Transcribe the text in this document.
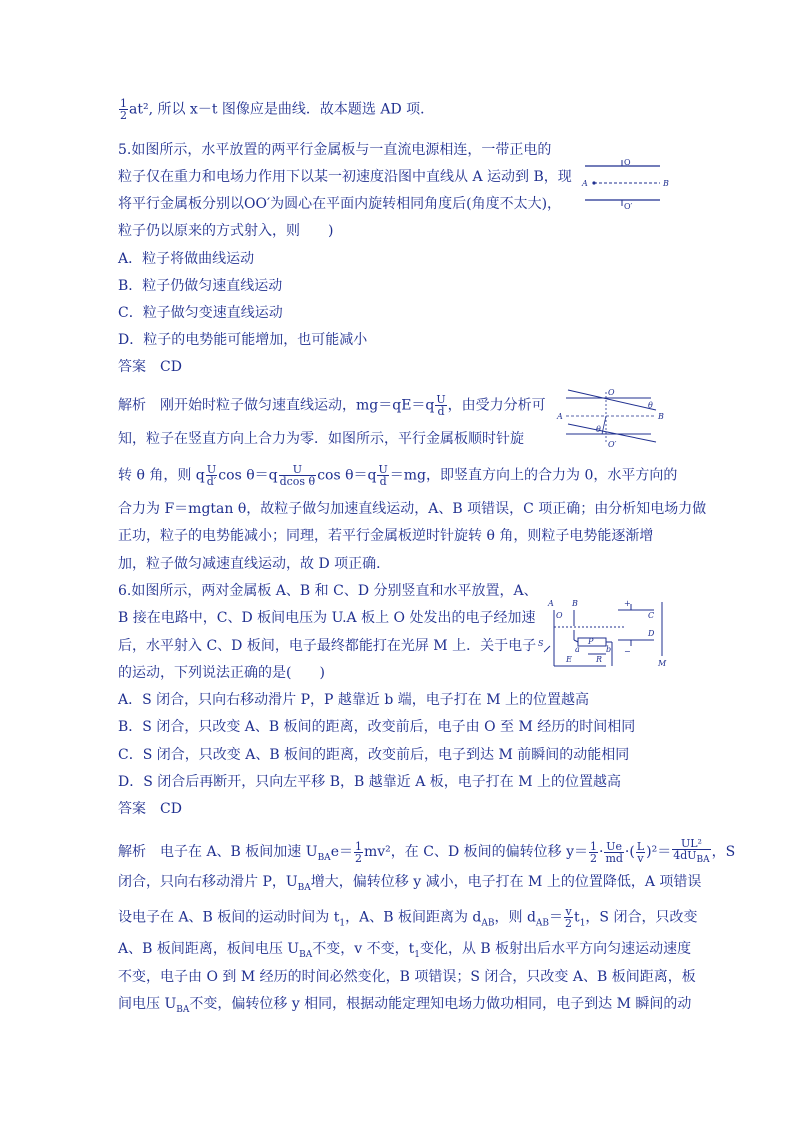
$\frac{1}{2} at^2$, 所以 x－t 图像应是曲线．故本题选 AD 项．
5.如图所示，水平放置的两平行金属板与一直流电源相连，一带正电的
粒子仅在重力和电场力作用下以某一初速度沿图中直线从 A 运动到 B，现
将平行金属板分别以OO′为圆心在平面内旋转相同角度后(角度不太大)，
粒子仍以原来的方式射入，则　　)
A．粒子将做曲线运动
B．粒子仍做匀速直线运动
C．粒子做匀变速直线运动
D．粒子的电势能可能增加，也可能减小
答案　CD
O
O′
A	B
解析　刚开始时粒子做匀速直线运动，$mg=qE=q \frac{U}{d}$ ，由受力分析可
知，粒子在竖直方向上合力为零．如图所示，平行金属板顺时针旋
转 θ 角，则 q $\frac{U}{d'}$ $\cos \theta=q \frac{U}{\text{dcos θ}}$ $\cos \theta=q \frac{U}{d} =mg$，即竖直方向上的合力为 0，水平方向的
合力为 F＝mgtan θ，故粒子做匀加速直线运动，A、B 项错误，C 项正确；由分析知电场力做
正功，粒子的电势能减小；同理，若平行金属板逆时针旋转 θ 角，则粒子电势能逐渐增
加，粒子做匀减速直线运动，故 D 项正确．
O
O′
A	B
θ
θ
6.如图所示，两对金属板 A、B 和 C、D 分别竖直和水平放置，A、
B 接在电路中，C、D 板间电压为 U.A 板上 O 处发出的电子经加速
后，水平射入 C、D 板间，电子最终都能打在光屏 M 上．关于电子
的运动，下列说法正确的是(　　)
A．S 闭合，只向右移动滑片 P，P 越靠近 b 端，电子打在 M 上的位置越高
B．S 闭合，只改变 A、B 板间的距离，改变前后，电子由 O 至 M 经历的时间相同
C．S 闭合，只改变 A、B 板间的距离，改变前后，电子到达 M 前瞬间的动能相同
D．S 闭合后再断开，只向左平移 B，B 越靠近 A 板，电子打在 M 上的位置越高
答案　CD
A B
O	C
D
S
a	b
P
R
E	M
+
−
解析　电子在 A、B 板间加速 $U_{BA}e= \frac{1}{2} mv^2$，在 C、D 板间的偏转位移 $y= \frac{1}{2} \cdot \frac{Ue}{md}$ ·( $\frac{L}{v} )^2= \frac{\text{UL²}}{4dU_{BA}}$ ，S
闭合，只向右移动滑片 P，$U_{BA}$增大，偏转位移 y 减小，电子打在 M 上的位置降低，A 项错误
设电子在 A、B 板间的运动时间为 $t_1$，A、B 板间距离为 $d_{AB}$，则 $d_{AB}= \frac{v}{2} t_1$，S 闭合，只改变
A、B 板间距离，板间电压 $U_{BA}$不变，v 不变，$t_1$变化，从 B 板射出后水平方向匀速运动速度
不变，电子由 O 到 M 经历的时间必然变化，B 项错误；S 闭合，只改变 A、B 板间距离，板
间电压 $U_{BA}$不变，偏转位移 y 相同，根据动能定理知电场力做功相同，电子到达 M 瞬间的动
